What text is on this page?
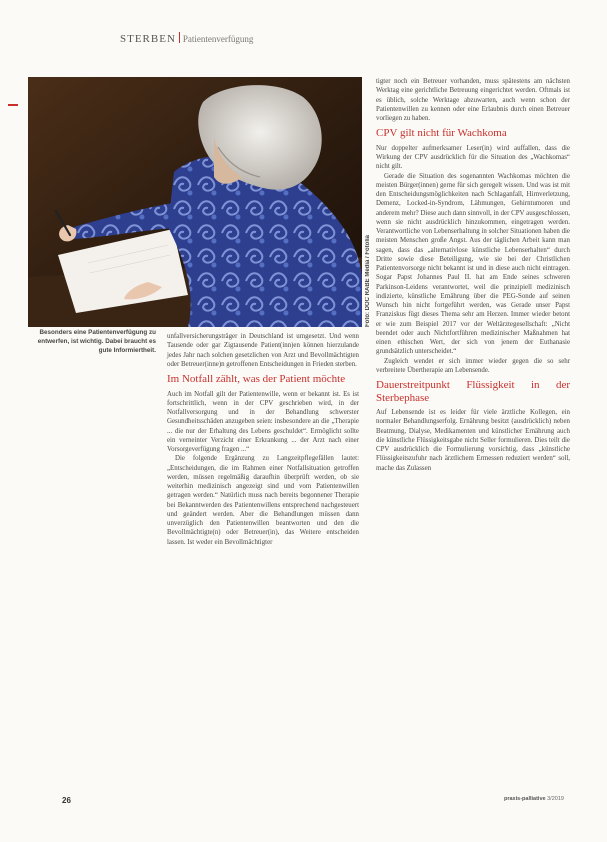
STERBEN Patientenverfügung
Foto: DOC RABE Media / Fotolia
Besonders eine Patientenverfügung zu entwerfen, ist wichtig. Dabei braucht es gute Informiertheit.

unfallversicherungsträger in Deutschland ist umgesetzt. Und wenn Tausende oder gar Zigtausende Patient(inn)en können hierzulande jedes Jahr nach solchen gesetzlichen von Arzt und Bevollmächtigten oder Betreuer(inne)n getroffenen Entscheidungen in Frieden sterben.

Im Notfall zählt, was der Patient möchte

Auch im Notfall gilt der Patientenwille, wenn er bekannt ist. Es ist fortschrittlich, wenn in der CPV geschrieben wird, in der Notfallversorgung und in der Behandlung schwerster Gesundheitsschäden anzugeben seien: insbesondere an die „Therapie ... die nur der Erhaltung des Lebens geschuldet“. Ermöglicht sollte ein verneinter Verzicht einer Erkrankung ... der Arzt nach einer Vorsorgeverfügung fragen ...“

Die folgende Ergänzung zu Langzeitpflegefällen lautet: „Entscheidungen, die im Rahmen einer Notfallsituation getroffen werden, müssen regelmäßig daraufhin überprüft werden, ob sie weiterhin medizinisch angezeigt sind und vom Patientenwillen getragen werden.“ Natürlich muss nach bereits begonnener Therapie bei Bekanntwerden des Patientenwillens entsprechend nachgesteuert und geändert werden. Aber die Behandlungen müssen dann unverzüglich den Patientenwillen beantworten und den die Bevollmächtigte(n) oder Betreuer(in), das Weitere entscheiden lassen. Ist weder ein Bevollmächtigter

tigter noch ein Betreuer vorhanden, muss spätestens am nächsten Werktag eine gerichtliche Betreuung eingerichtet werden. Oftmals ist es üblich, solche Werktage abzuwarten, auch wenn schon der Patientenwillen zu kennen oder eine Erlaubnis durch einen Betreuer vorliegen zu haben.

CPV gilt nicht für Wachkoma

Nur doppelter aufmerksamer Leser(in) wird auffallen, dass die Wirkung der CPV ausdrücklich für die Situation des „Wachkomas“ nicht gilt.

Gerade die Situation des sogenannten Wachkomas möchten die meisten Bürger(innen) gerne für sich geregelt wissen. Und was ist mit den Entscheidungsmöglichkeiten nach Schlaganfall, Hirnverletzung, Demenz, Locked-in-Syndrom, Lähmungen, Gehirntumoren und anderem mehr? Diese auch dann sinnvoll, in der CPV ausgeschlossen, wenn sie nicht ausdrücklich hinzukommen, eingetragen werden. Verantwortliche von Lebenserhaltung in solcher Situationen haben die meisten Menschen große Angst. Aus der täglichen Arbeit kann man sagen, dass das „alternativlose künstliche Lebenserhalten“ durch Dritte sowie diese Beteiligung, wie sie bei der Christlichen Patientenvorsorge nicht bekannt ist und in diese auch nicht eintragen. Sogar Papst Johannes Paul II. hat am Ende seines schweren Parkinson-Leidens verantwortet, weil die prinzipiell medizinisch indizierte, künstliche Ernährung über die PEG-Sonde auf seinen Wunsch hin nicht fortgeführt werden, was Gerade unser Papst Franziskus fügt dieses Thema sehr am Herzen. Immer wieder betont er wie zum Beispiel 2017 vor der Weltärztegesellschaft: „Nicht beendet oder auch Nichtfortführen medizinischer Maßnahmen hat einen ethischen Wert, der sich von jenem der Euthanasie grundsätzlich unterscheidet.“

Zugleich wendet er sich immer wieder gegen die so sehr verbreitete Übertherapie am Lebensende.

Dauerstreitpunkt Flüssigkeit in der Sterbephase

Auf Lebensende ist es leider für viele ärztliche Kollegen, ein normaler Behandlungserfolg. Ernährung besitzt (ausdrücklich) neben Beatmung, Dialyse, Medikamenten und künstlicher Ernährung auch die künstliche Flüssigkeitsgabe nicht Seller formulieren. Dies teilt die CPV ausdrücklich die Formulierung vorsichtig, dass „künstliche Flüssigkeitszufuhr nach ärztlichem Ermessen reduziert werden“ soll, mache das Zulassen

26	praxis-palliative 3/2019
